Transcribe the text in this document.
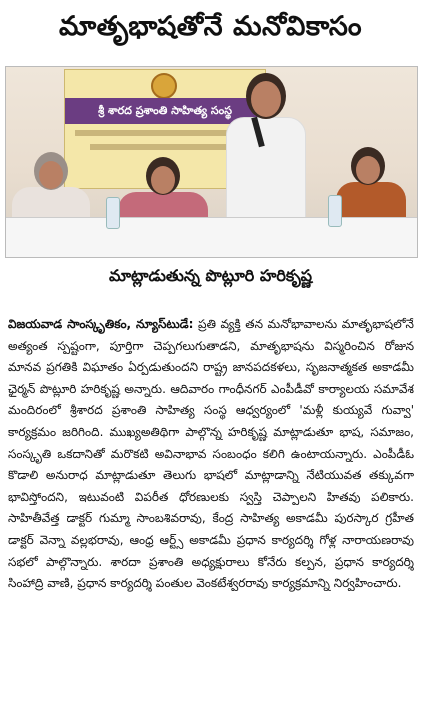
మాతృభాషతోనే మనోవికాసం
శ్రీ శారద ప్రశాంతి సాహిత్య సంస్థ
మాట్లాడుతున్న పొట్లూరి హరికృష్ణ
విజయవాడ సాంస్కృతికం, న్యూస్‌టుడే: ప్రతి వ్యక్తి తన మనోభావాలను మాతృభాషలోనే అత్యంత స్పష్టంగా, పూర్తిగా చెప్పగలుగుతాడని, మాతృభాషను విస్మరించిన రోజున మానవ ప్రగతికి విఘాతం ఏర్పడుతుందని రాష్ట్ర జానపదకళలు, సృజనాత్మకత అకాడమీ ఛైర్మన్ పొట్లూరి హరికృష్ణ అన్నారు. ఆదివారం గాంధీనగర్ ఎంపీడీవో కార్యాలయ సమావేశ మందిరంలో శ్రీశారద ప్రశాంతి సాహిత్య సంస్థ ఆధ్వర్యంలో 'మళ్లీ కుయ్యవే గువ్వా' కార్యక్రమం జరిగింది. ముఖ్యఅతిథిగా పాల్గొన్న హరికృష్ణ మాట్లాడుతూ భాష, సమాజం, సంస్కృతి ఒకదానితో మరొకటి అవినాభావ సంబంధం కలిగి ఉంటాయన్నారు. ఎంపీడీఓ కొడాలి అనురాధ మాట్లాడుతూ తెలుగు భాషలో మాట్లాడాన్ని నేటియువత తక్కువగా భావిస్తోందని, ఇటువంటి విపరీత ధోరణులకు స్వస్తి చెప్పాలని హితవు పలికారు. సాహితీవేత్త డాక్టర్ గుమ్మా సాంబశివరావు, కేంద్ర సాహిత్య అకాడమీ పురస్కార గ్రహీత డాక్టర్ వెన్నా వల్లభరావు, ఆంధ్ర ఆర్ట్స్ అకాడమీ ప్రధాన కార్యదర్శి గోళ్ల నారాయణరావు సభలో పాల్గొన్నారు. శారదా ప్రశాంతి అధ్యక్షురాలు కోనేరు కల్పన, ప్రధాన కార్యదర్శి సింహాద్రి వాణి, ప్రధాన కార్యదర్శి పంతుల వెంకటేశ్వరరావు కార్యక్రమాన్ని నిర్వహించారు.
